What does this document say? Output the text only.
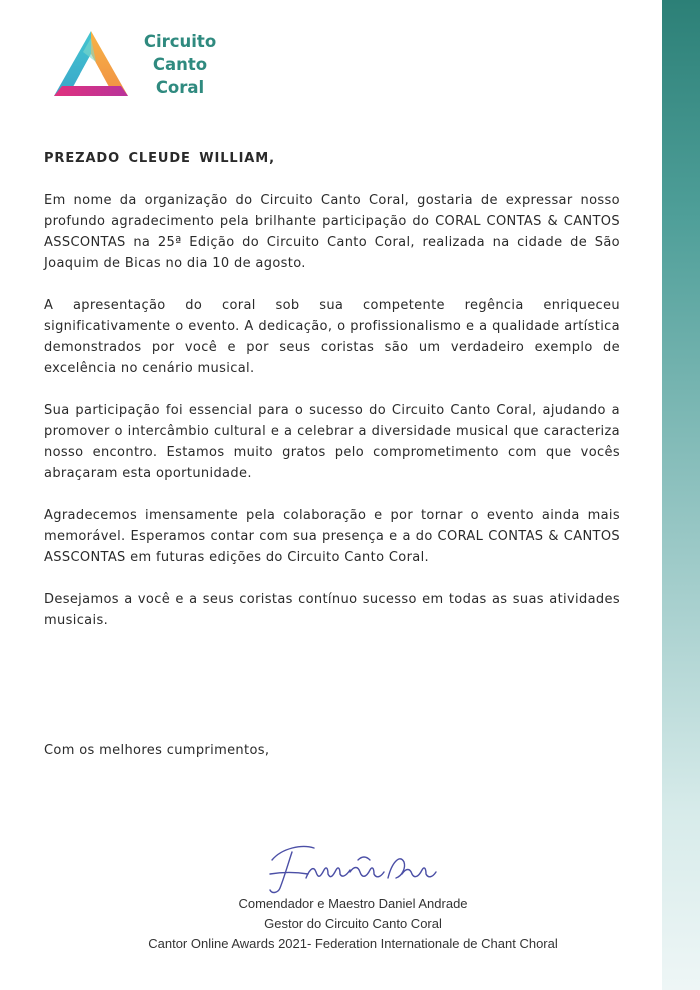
Circuito
Canto
Coral

PREZADO CLEUDE WILLIAM,

Em nome da organização do Circuito Canto Coral, gostaria de expressar nosso profundo agradecimento pela brilhante participação do CORAL CONTAS & CANTOS ASSCONTAS na 25ª Edição do Circuito Canto Coral, realizada na cidade de São Joaquim de Bicas no dia 10 de agosto.

A apresentação do coral sob sua competente regência enriqueceu significativamente o evento. A dedicação, o profissionalismo e a qualidade artística demonstrados por você e por seus coristas são um verdadeiro exemplo de excelência no cenário musical.

Sua participação foi essencial para o sucesso do Circuito Canto Coral, ajudando a promover o intercâmbio cultural e a celebrar a diversidade musical que caracteriza nosso encontro. Estamos muito gratos pelo comprometimento com que vocês abraçaram esta oportunidade.

Agradecemos imensamente pela colaboração e por tornar o evento ainda mais memorável. Esperamos contar com sua presença e a do CORAL CONTAS & CANTOS ASSCONTAS em futuras edições do Circuito Canto Coral.

Desejamos a você e a seus coristas contínuo sucesso em todas as suas atividades musicais.

Com os melhores cumprimentos,

Comendador e Maestro Daniel Andrade
Gestor do Circuito Canto Coral
Cantor Online Awards 2021- Federation Internationale de Chant Choral
